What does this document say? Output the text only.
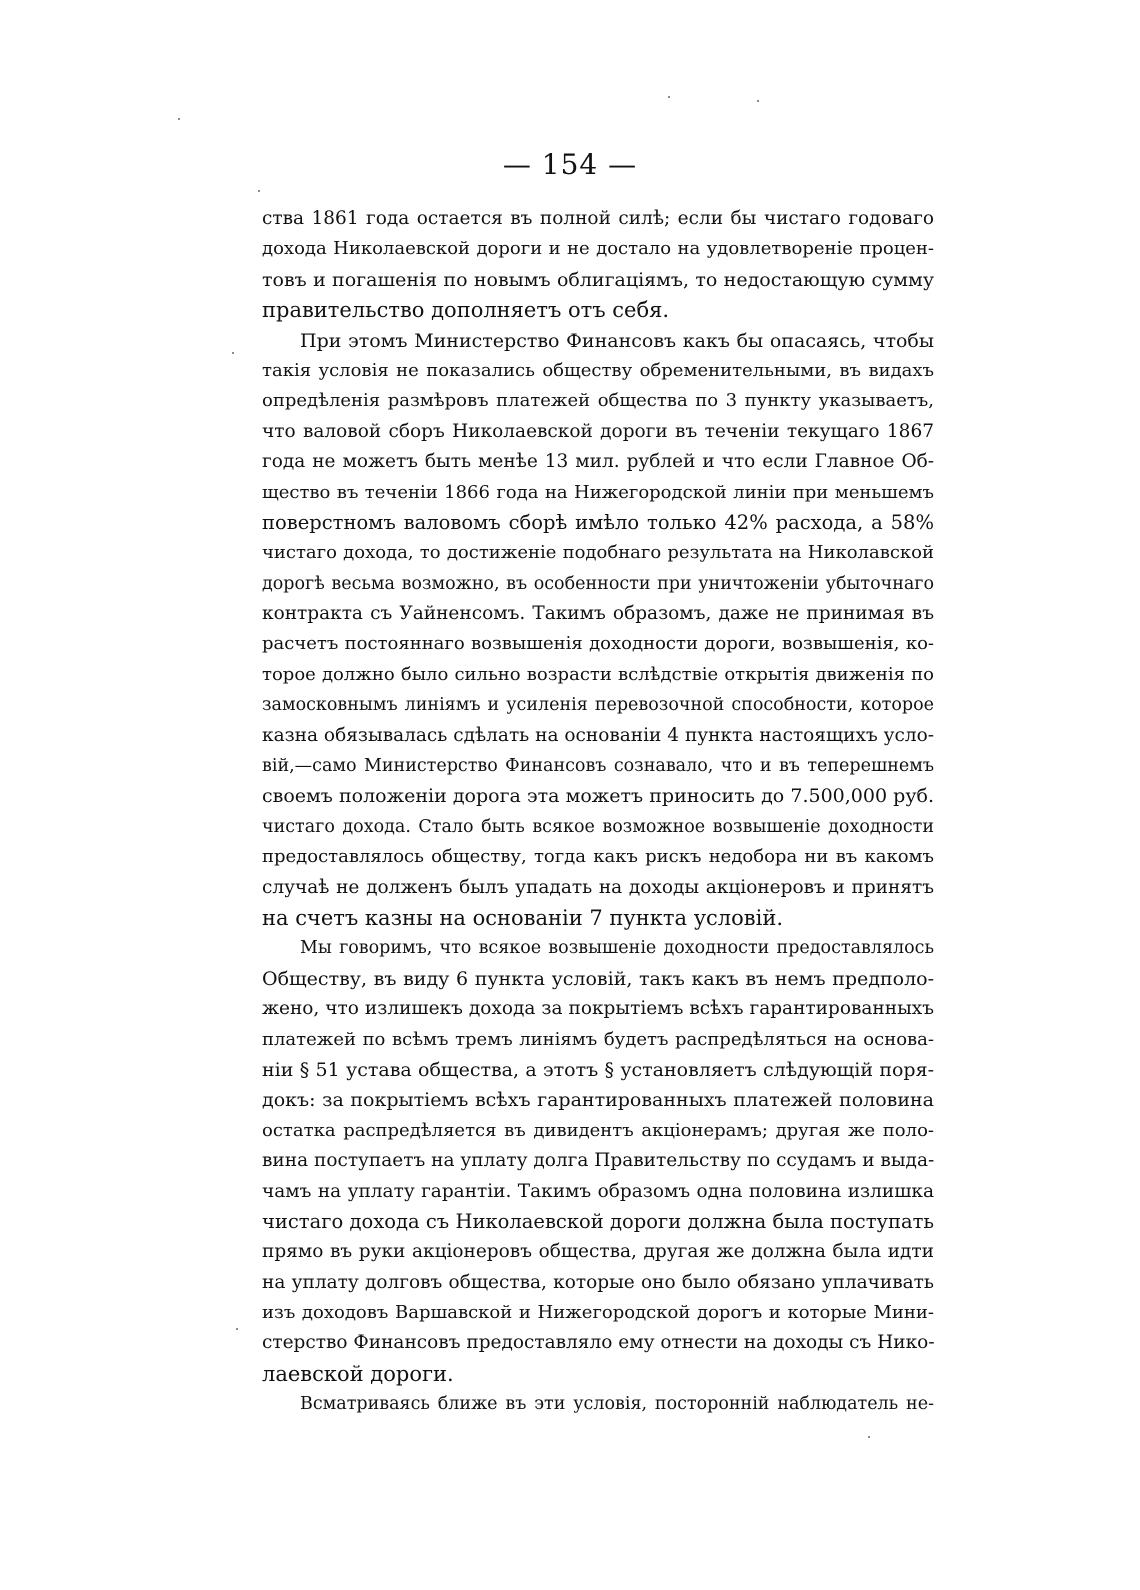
— 154 —
ства 1861 года остается въ полной силѣ; если бы чистаго годоваго
дохода Николаевской дороги и не достало на удовлетвореніе процен-
товъ и погашенія по новымъ облигаціямъ, то недостающую сумму
правительство дополняетъ отъ себя.
При этомъ Министерство Финансовъ какъ бы опасаясь, чтобы
такія условія не показались обществу обременительными, въ видахъ
опредѣленія размѣровъ платежей общества по 3 пункту указываетъ,
что валовой сборъ Николаевской дороги въ теченіи текущаго 1867
года не можетъ быть менѣе 13 мил. рублей и что если Главное Об-
щество въ теченіи 1866 года на Нижегородской линіи при меньшемъ
поверстномъ валовомъ сборѣ имѣло только 42% расхода, а 58%
чистаго дохода, то достиженіе подобнаго результата на Николавской
дорогѣ весьма возможно, въ особенности при уничтоженіи убыточнаго
контракта съ Уайненсомъ. Такимъ образомъ, даже не принимая въ
расчетъ постояннаго возвышенія доходности дороги, возвышенія, ко-
торое должно было сильно возрасти вслѣдствіе открытія движенія по
замосковнымъ линіямъ и усиленія перевозочной способности, которое
казна обязывалась сдѣлать на основаніи 4 пункта настоящихъ усло-
вій,—само Министерство Финансовъ сознавало, что и въ теперешнемъ
своемъ положеніи дорога эта можетъ приносить до 7.500,000 руб.
чистаго дохода. Стало быть всякое возможное возвышеніе доходности
предоставлялось обществу, тогда какъ рискъ недобора ни въ какомъ
случаѣ не долженъ былъ упадать на доходы акціонеровъ и принятъ
на счетъ казны на основаніи 7 пункта условій.
Мы говоримъ, что всякое возвышеніе доходности предоставлялось
Обществу, въ виду 6 пункта условій, такъ какъ въ немъ предполо-
жено, что излишекъ дохода за покрытіемъ всѣхъ гарантированныхъ
платежей по всѣмъ тремъ линіямъ будетъ распредѣляться на основа-
ніи § 51 устава общества, а этотъ § установляетъ слѣдующій поря-
докъ: за покрытіемъ всѣхъ гарантированныхъ платежей половина
остатка распредѣляется въ дивидентъ акціонерамъ; другая же поло-
вина поступаетъ на уплату долга Правительству по ссудамъ и выда-
чамъ на уплату гарантіи. Такимъ образомъ одна половина излишка
чистаго дохода съ Николаевской дороги должна была поступать
прямо въ руки акціонеровъ общества, другая же должна была идти
на уплату долговъ общества, которые оно было обязано уплачивать
изъ доходовъ Варшавской и Нижегородской дорогъ и которые Мини-
стерство Финансовъ предоставляло ему отнести на доходы съ Нико-
лаевской дороги.
Всматриваясь ближе въ эти условія, посторонній наблюдатель не-
